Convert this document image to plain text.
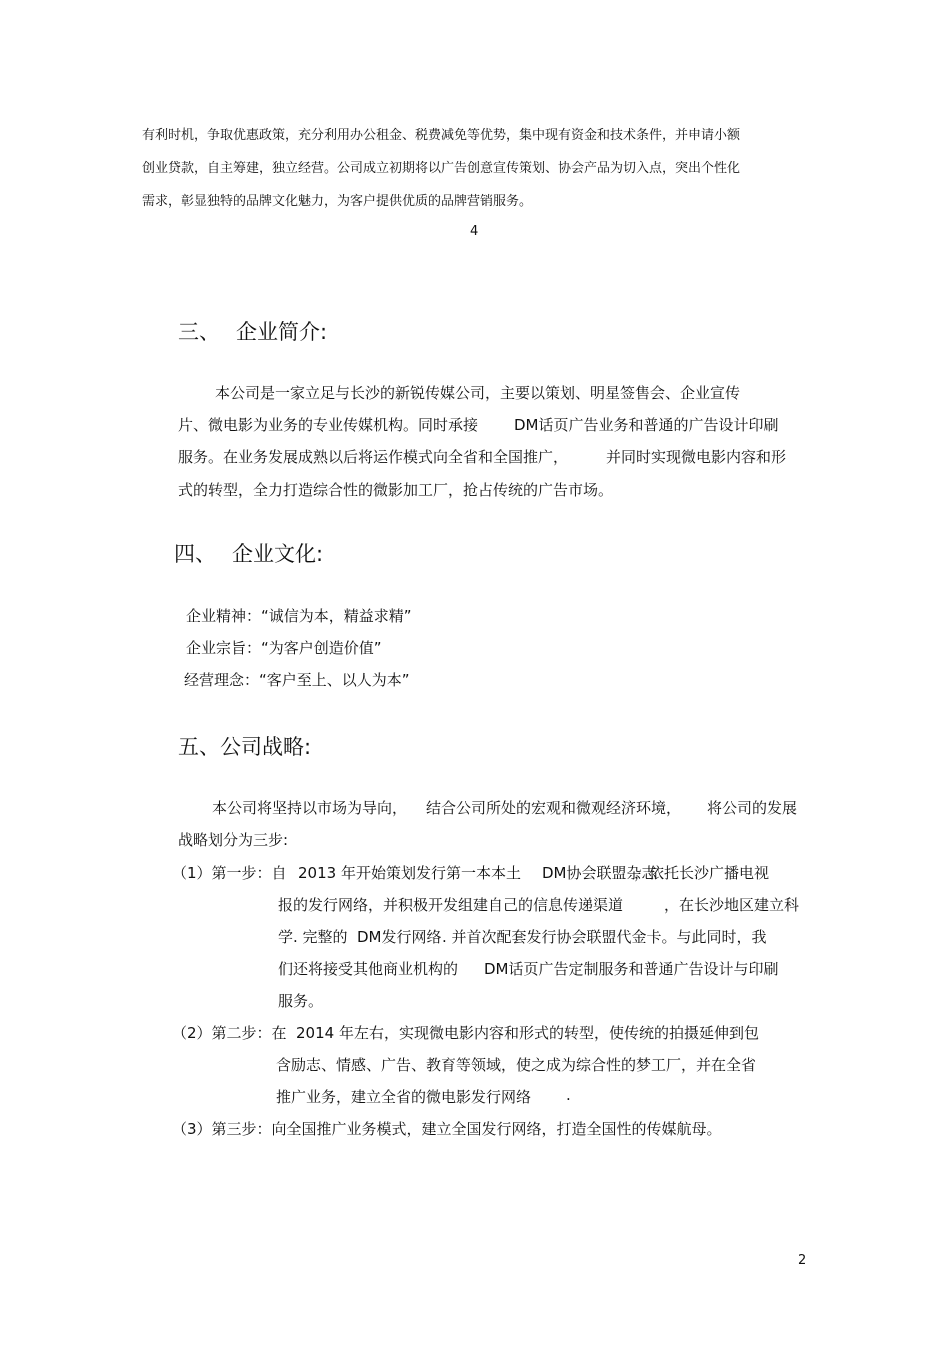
有利时机，争取优惠政策，充分利用办公租金、税费减免等优势，集中现有资金和技术条件，并申请小额
创业贷款，自主筹建，独立经营。公司成立初期将以广告创意宣传策划、协会产品为切入点，突出个性化
需求，彰显独特的品牌文化魅力，为客户提供优质的品牌营销服务。
4
三、 企业简介:
本公司是一家立足与长沙的新锐传媒公司，主要以策划、明星签售会、企业宣传
片、微电影为业务的专业传媒机构。同时承接 DM话页广告业务和普通的广告设计印刷
服务。在业务发展成熟以后将运作模式向全省和全国推广，	并同时实现微电影内容和形
式的转型，全力打造综合性的微影加工厂，抢占传统的广告市场。
四、 企业文化:
企业精神：“诚信为本，精益求精”
企业宗旨：“为客户创造价值”
经营理念：“客户至上、以人为本”
五、公司战略:
本公司将坚持以市场为导向， 结合公司所处的宏观和微观经济环境， 将公司的发展
战略划分为三步:
（1）第一步：自 2013 年开始策划发行第一本本土 DM协会联盟杂志
，依托长沙广播电视
报的发行网络，并积极开发组建自己的信息传递渠道	，在长沙地区建立科
学. 完整的 DM发行网络 . 并首次配套发行协会联盟代金卡。与此同时，我
们还将接受其他商业机构的 DM话页广告定制服务和普通广告设计与印刷
服务。
（2）第二步：在 2014 年左右，实现微电影内容和形式的转型，使传统的拍摄延伸到包
含励志、情感、广告、教育等领域，使之成为综合性的梦工厂，并在全省
推广业务，建立全省的微电影发行网络 .
（3）第三步：向全国推广业务模式，建立全国发行网络，打造全国性的传媒航母。
2
